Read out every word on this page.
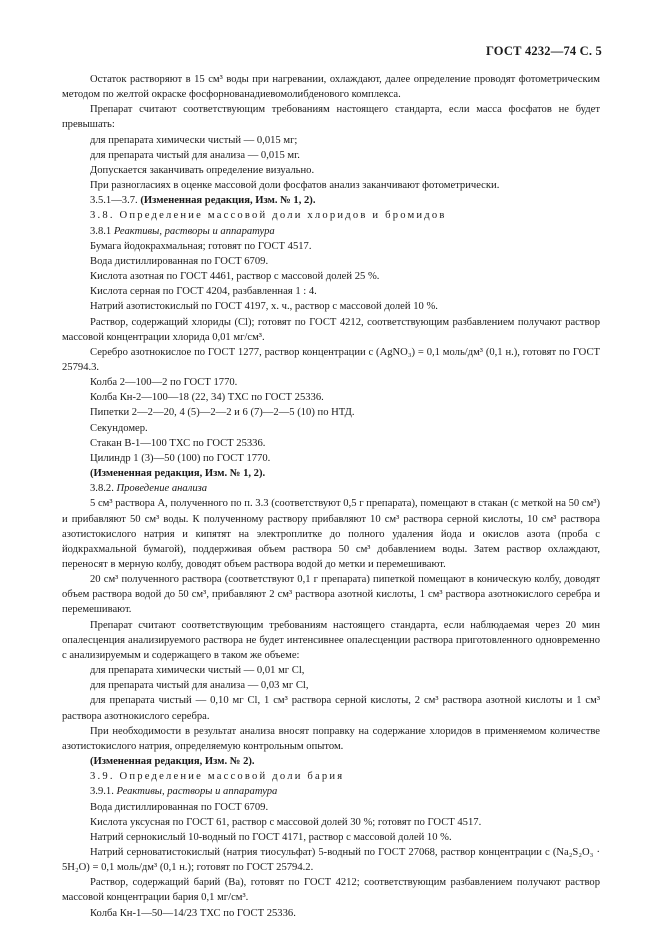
ГОСТ 4232—74 С. 5

Остаток растворяют в 15 см³ воды при нагревании, охлаждают, далее определение проводят фотометрическим методом по желтой окраске фосфорнованадиевомолибденового комплекса.

Препарат считают соответствующим требованиям настоящего стандарта, если масса фосфатов не будет превышать:

для препарата химически чистый — 0,015 мг;

для препарата чистый для анализа — 0,015 мг.

Допускается заканчивать определение визуально.

При разногласиях в оценке массовой доли фосфатов анализ заканчивают фотометрически.

3.5.1—3.7. (Измененная редакция, Изм. № 1, 2).

3.8. Определение массовой доли хлоридов и бромидов

3.8.1 Реактивы, растворы и аппаратура

Бумага йодокрахмальная; готовят по ГОСТ 4517.

Вода дистиллированная по ГОСТ 6709.

Кислота азотная по ГОСТ 4461, раствор с массовой долей 25 %.

Кислота серная по ГОСТ 4204, разбавленная 1 : 4.

Натрий азотистокислый по ГОСТ 4197, х. ч., раствор с массовой долей 10 %.

Раствор, содержащий хлориды (Cl); готовят по ГОСТ 4212, соответствующим разбавлением получают раствор массовой концентрации хлорида 0,01 мг/см³.

Серебро азотнокислое по ГОСТ 1277, раствор концентрации c (AgNO₃) = 0,1 моль/дм³ (0,1 н.), готовят по ГОСТ 25794.3.

Колба 2—100—2 по ГОСТ 1770.

Колба Кн-2—100—18 (22, 34) ТХС по ГОСТ 25336.

Пипетки 2—2—20, 4 (5)—2—2 и 6 (7)—2—5 (10) по НТД.

Секундомер.

Стакан В-1—100 ТХС по ГОСТ 25336.

Цилиндр 1 (3)—50 (100) по ГОСТ 1770.

(Измененная редакция, Изм. № 1, 2).

3.8.2. Проведение анализа

5 см³ раствора А, полученного по п. 3.3 (соответствуют 0,5 г препарата), помещают в стакан (с меткой на 50 см³) и прибавляют 50 см³ воды. К полученному раствору прибавляют 10 см³ раствора серной кислоты, 10 см³ раствора азотистокислого натрия и кипятят на электроплитке до полного удаления йода и окислов азота (проба с йодкрахмальной бумагой), поддерживая объем раствора 50 см³ добавлением воды. Затем раствор охлаждают, переносят в мерную колбу, доводят объем раствора водой до метки и перемешивают.

20 см³ полученного раствора (соответствуют 0,1 г препарата) пипеткой помещают в коническую колбу, доводят объем раствора водой до 50 см³, прибавляют 2 см³ раствора азотной кислоты, 1 см³ раствора азотнокислого серебра и перемешивают.

Препарат считают соответствующим требованиям настоящего стандарта, если наблюдаемая через 20 мин опалесценция анализируемого раствора не будет интенсивнее опалесценции раствора приготовленного одновременно с анализируемым и содержащего в таком же объеме:

для препарата химически чистый — 0,01 мг Cl,

для препарата чистый для анализа — 0,03 мг Cl,

для препарата чистый — 0,10 мг Cl, 1 см³ раствора серной кислоты, 2 см³ раствора азотной кислоты и 1 см³ раствора азотнокислого серебра.

При необходимости в результат анализа вносят поправку на содержание хлоридов в применяемом количестве азотистокислого натрия, определяемую контрольным опытом.

(Измененная редакция, Изм. № 2).

3.9. Определение массовой доли бария

3.9.1. Реактивы, растворы и аппаратура

Вода дистиллированная по ГОСТ 6709.

Кислота уксусная по ГОСТ 61, раствор с массовой долей 30 %; готовят по ГОСТ 4517.

Натрий сернокислый 10-водный по ГОСТ 4171, раствор с массовой долей 10 %.

Натрий серноватистокислый (натрия тиосульфат) 5-водный по ГОСТ 27068, раствор концентрации c (Na₂S₂O₃ · 5H₂O) = 0,1 моль/дм³ (0,1 н.); готовят по ГОСТ 25794.2.

Раствор, содержащий барий (Ва), готовят по ГОСТ 4212; соответствующим разбавлением получают раствор массовой концентрации бария 0,1 мг/см³.

Колба Кн-1—50—14/23 ТХС по ГОСТ 25336.
